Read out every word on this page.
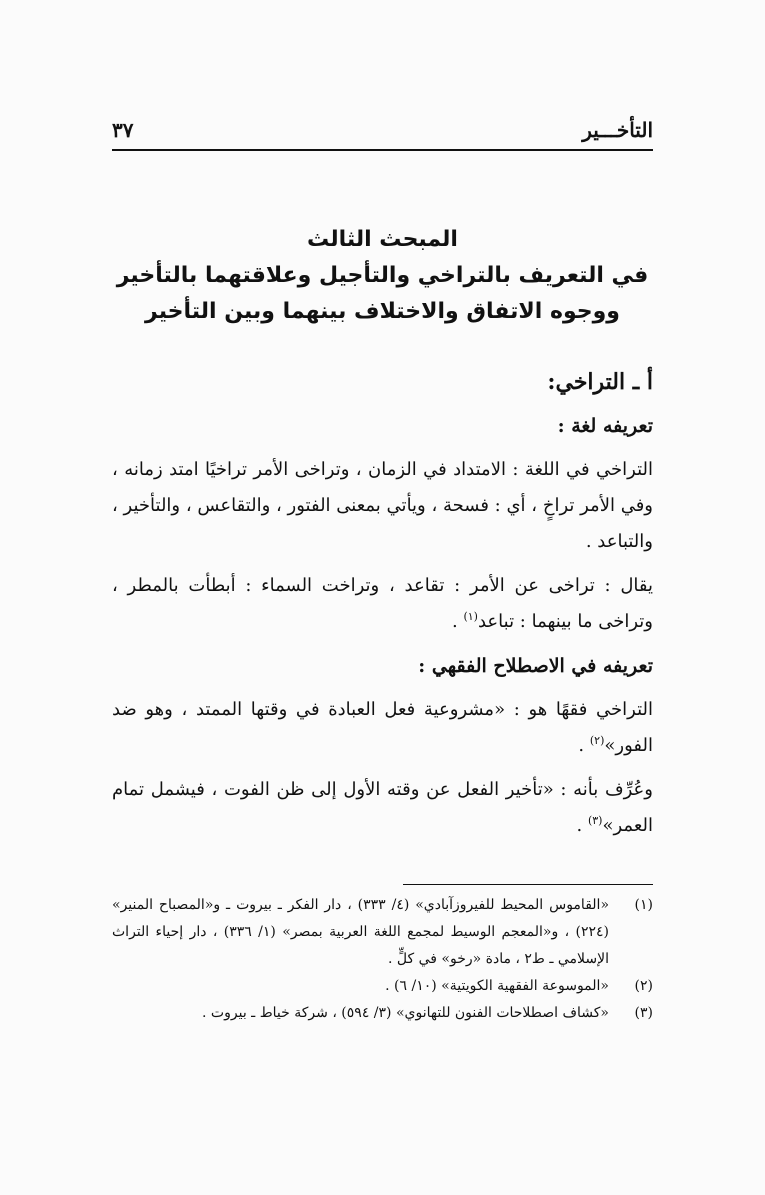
التأخـــير
٣٧
المبحث الثالث
في التعريف بالتراخي والتأجيل وعلاقتهما بالتأخير
ووجوه الاتفاق والاختلاف بينهما وبين التأخير
أ ـ التراخي:
تعريفه لغة :

التراخي في اللغة : الامتداد في الزمان ، وتراخى الأمر تراخيًا امتد زمانه ، وفي الأمر تراخٍ ، أي : فسحة ، ويأتي بمعنى الفتور ، والتقاعس ، والتأخير ، والتباعد .

يقال : تراخى عن الأمر : تقاعد ، وتراخت السماء : أبطأت بالمطر ، وتراخى ما بينهما : تباعد$^{(١)}$ .

تعريفه في الاصطلاح الفقهي :

التراخي فقهًا هو : «مشروعية فعل العبادة في وقتها الممتد ، وهو ضد الفور»$^{(٢)}$ .

وعُرِّف بأنه : «تأخير الفعل عن وقته الأول إلى ظن الفوت ، فيشمل تمام العمر»$^{(٣)}$ .

(١)
«القاموس المحيط للفيروزآبادي» (٤/ ٣٣٣) ، دار الفكر ـ بيروت ـ و«المصباح المنير» (٢٢٤) ، و«المعجم الوسيط لمجمع اللغة العربية بمصر» (١/ ٣٣٦) ، دار إحياء التراث الإسلامي ـ ط٢ ، مادة «رخو» في كلٍّ .

(٢)
«الموسوعة الفقهية الكويتية» (١٠/ ٦) .

(٣)
«كشاف اصطلاحات الفنون للتهانوي» (٣/ ٥٩٤) ، شركة خياط ـ بيروت .
